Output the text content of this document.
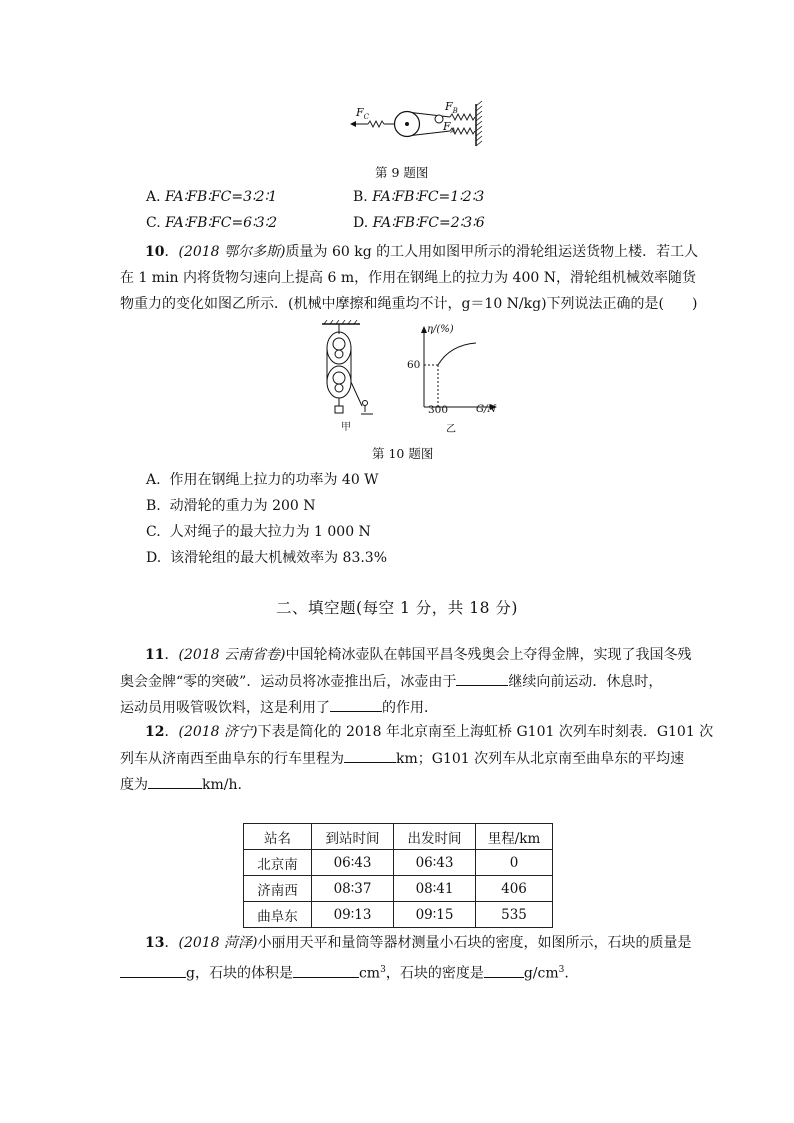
$F_C$
$F_B$
$F_A$
第 9 题图
A. FA∶FB∶FC=3∶2∶1	B. FA∶FB∶FC=1∶2∶3
C. FA∶FB∶FC=6∶3∶2	D. FA∶FB∶FC=2∶3∶6
10．(2018 鄂尔多斯)质量为 60 kg 的工人用如图甲所示的滑轮组运送货物上楼．若工人
在 1 min 内将货物匀速向上提高 6 m，作用在钢绳上的拉力为 400 N，滑轮组机械效率随货
物重力的变化如图乙所示．(机械中摩擦和绳重均不计，g＝10 N/kg)下列说法正确的是(　　)
甲
η/(%)
60
300	G/N
乙
第 10 题图
A. 作用在钢绳上拉力的功率为 40 W
B. 动滑轮的重力为 200 N
C. 人对绳子的最大拉力为 1 000 N
D. 该滑轮组的最大机械效率为 83.3%
二、填空题(每空 1 分，共 18 分)
11．(2018 云南省卷)中国轮椅冰壶队在韩国平昌冬残奥会上夺得金牌，实现了我国冬残
奥会金牌“零的突破”．运动员将冰壶推出后，冰壶由于	继续向前运动．休息时，
运动员用吸管吸饮料，这是利用了	的作用．
12．(2018 济宁)下表是简化的 2018 年北京南至上海虹桥 G101 次列车时刻表．G101 次
列车从济南西至曲阜东的行车里程为	km；G101 次列车从北京南至曲阜东的平均速
度为	km/h.
站名	到站时间	出发时间	里程/km
北京南	06∶43	06∶43	0
济南西	08∶37	08∶41	406
曲阜东	09∶13	09∶15	535
13．(2018 菏泽)小丽用天平和量筒等器材测量小石块的密度，如图所示，石块的质量是
g，石块的体积是	$cm^3$，石块的密度是	$g/cm^3$.
